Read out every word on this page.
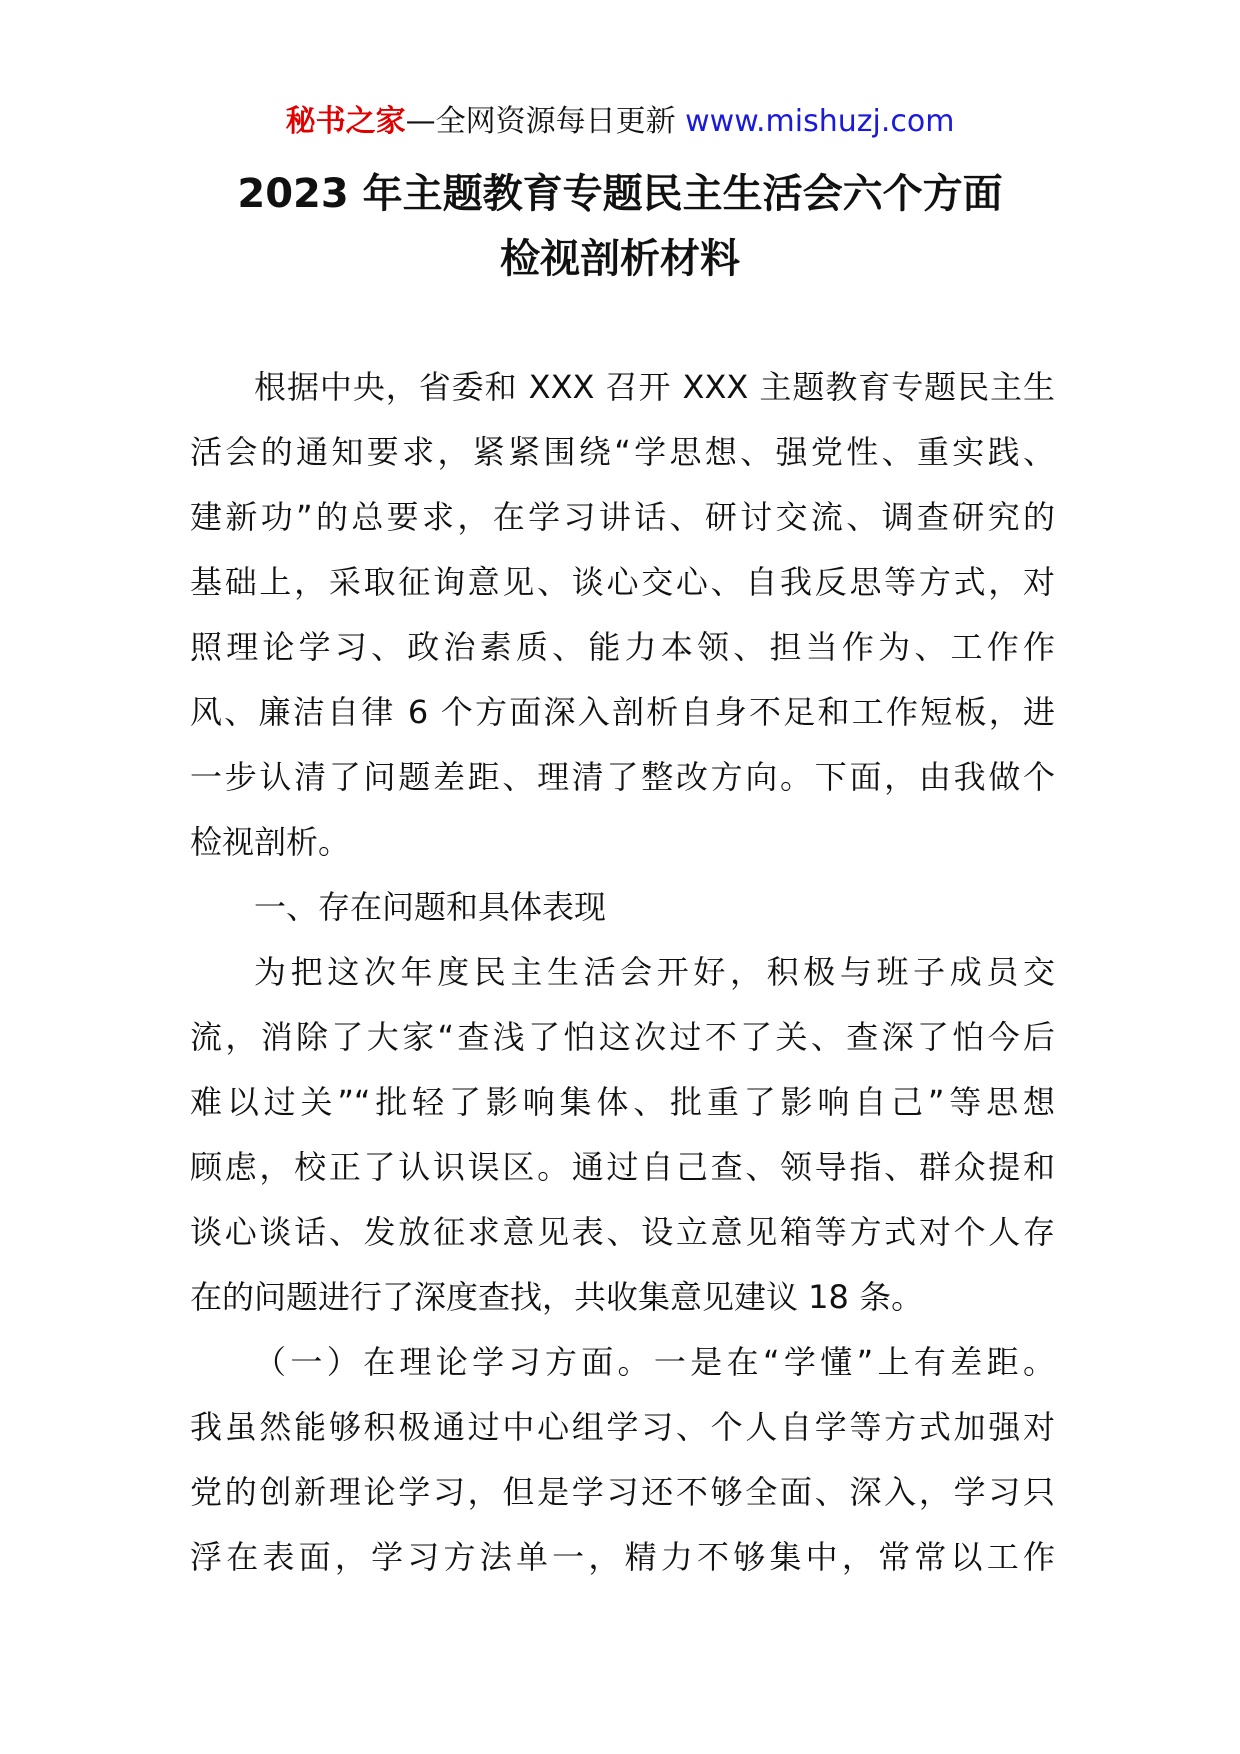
秘书之家—全网资源每日更新 www.mishuzj.com
2023 年主题教育专题民主生活会六个方面
检视剖析材料
根据中央，省委和 XXX 召开 XXX 主题教育专题民主生
活会的通知要求，紧紧围绕“学思想、强党性、重实践、
建新功”的总要求，在学习讲话、研讨交流、调查研究的
基础上，采取征询意见、谈心交心、自我反思等方式，对
照理论学习、政治素质、能力本领、担当作为、工作作
风、廉洁自律 6 个方面深入剖析自身不足和工作短板，进
一步认清了问题差距、理清了整改方向。下面，由我做个
检视剖析。
一、存在问题和具体表现
为把这次年度民主生活会开好，积极与班子成员交
流，消除了大家“查浅了怕这次过不了关、查深了怕今后
难以过关”“批轻了影响集体、批重了影响自己”等思想
顾虑，校正了认识误区。通过自己查、领导指、群众提和
谈心谈话、发放征求意见表、设立意见箱等方式对个人存
在的问题进行了深度查找，共收集意见建议 18 条。
（一）在理论学习方面。一是在“学懂”上有差距。
我虽然能够积极通过中心组学习、个人自学等方式加强对
党的创新理论学习，但是学习还不够全面、深入，学习只
浮在表面，学习方法单一，精力不够集中，常常以工作
